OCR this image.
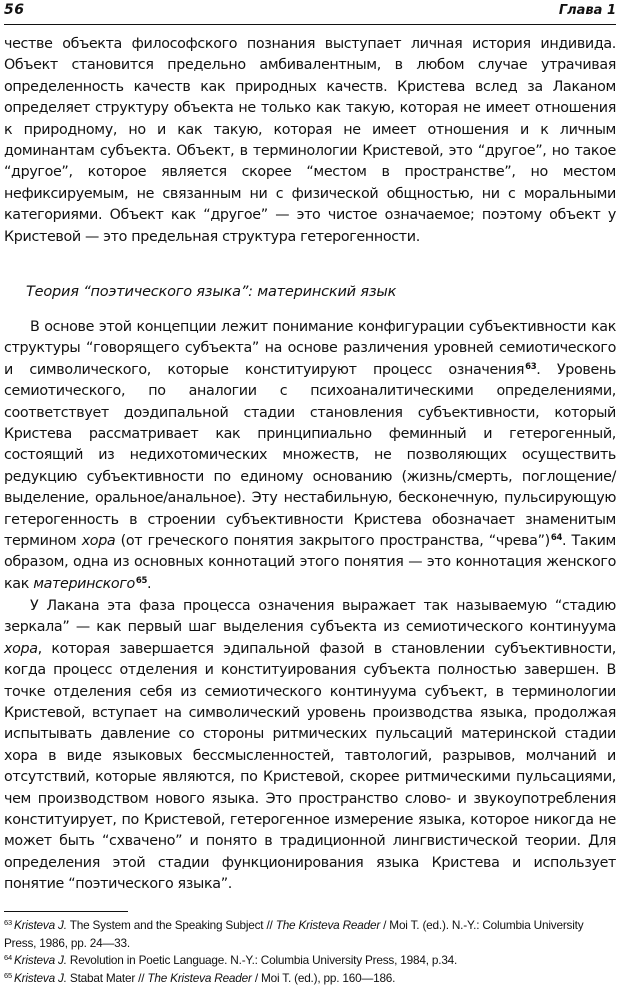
56	Глава 1

честве объекта философского познания выступает личная история индивида. Объект становится предельно амбивалентным, в любом случае утрачивая определенность качеств как природных качеств. Кристева вслед за Лаканом определяет структуру объекта не только как такую, которая не имеет отношения к природному, но и как такую, которая не имеет отношения и к личным доминантам субъекта. Объект, в терминологии Кристевой, это “другое”, но такое “другое”, которое является скорее “местом в пространстве”, но местом нефиксируемым, не связанным ни с физической общностью, ни с моральными категориями. Объект как “другое” — это чистое означаемое; поэтому объект у Кристевой — это предельная структура гетерогенности.

Теория “поэтического языка”: материнский язык

В основе этой концепции лежит понимание конфигурации субъективности как структуры “говорящего субъекта” на основе различения уровней семиотического и символического, которые конституируют процесс означения$^{63}$. Уровень семиотического, по аналогии с психоаналитическими определениями, соответствует доэдипальной стадии становления субъективности, который Кристева рассматривает как принципиально феминный и гетерогенный, состоящий из недихотомических множеств, не позволяющих осуществить редукцию субъективности по единому основанию (жизнь/смерть, поглощение/выделение, оральное/анальное). Эту нестабильную, бесконечную, пульсирующую гетерогенность в строении субъективности Кристева обозначает знаменитым термином хора (от греческого понятия закрытого пространства, “чрева”)$^{64}$. Таким образом, одна из основных коннотаций этого понятия — это коннотация женского как материнского$^{65}$.

У Лакана эта фаза процесса означения выражает так называемую “стадию зеркала” — как первый шаг выделения субъекта из семиотического континуума хора, которая завершается эдипальной фазой в становлении субъективности, когда процесс отделения и конституирования субъекта полностью завершен. В точке отделения себя из семиотического континуума субъект, в терминологии Кристевой, вступает на символический уровень производства языка, продолжая испытывать давление со стороны ритмических пульсаций материнской стадии хора в виде языковых бессмысленностей, тавтологий, разрывов, молчаний и отсутствий, которые являются, по Кристевой, скорее ритмическими пульсациями, чем производством нового языка. Это пространство слово- и звукоупотребления конституирует, по Кристевой, гетерогенное измерение языка, которое никогда не может быть “схвачено” и понято в традиционной лингвистической теории. Для определения этой стадии функционирования языка Кристева и использует понятие “поэтического языка”.

$^{63}$ Kristeva J. The System and the Speaking Subject // The Kristeva Reader / Moi T. (ed.). N.-Y.: Columbia University Press, 1986, pp. 24—33.
$^{64}$ Kristeva J. Revolution in Poetic Language. N.-Y.: Columbia University Press, 1984, p.34.
$^{65}$ Kristeva J. Stabat Mater // The Kristeva Reader / Moi T. (ed.), pp. 160—186.
